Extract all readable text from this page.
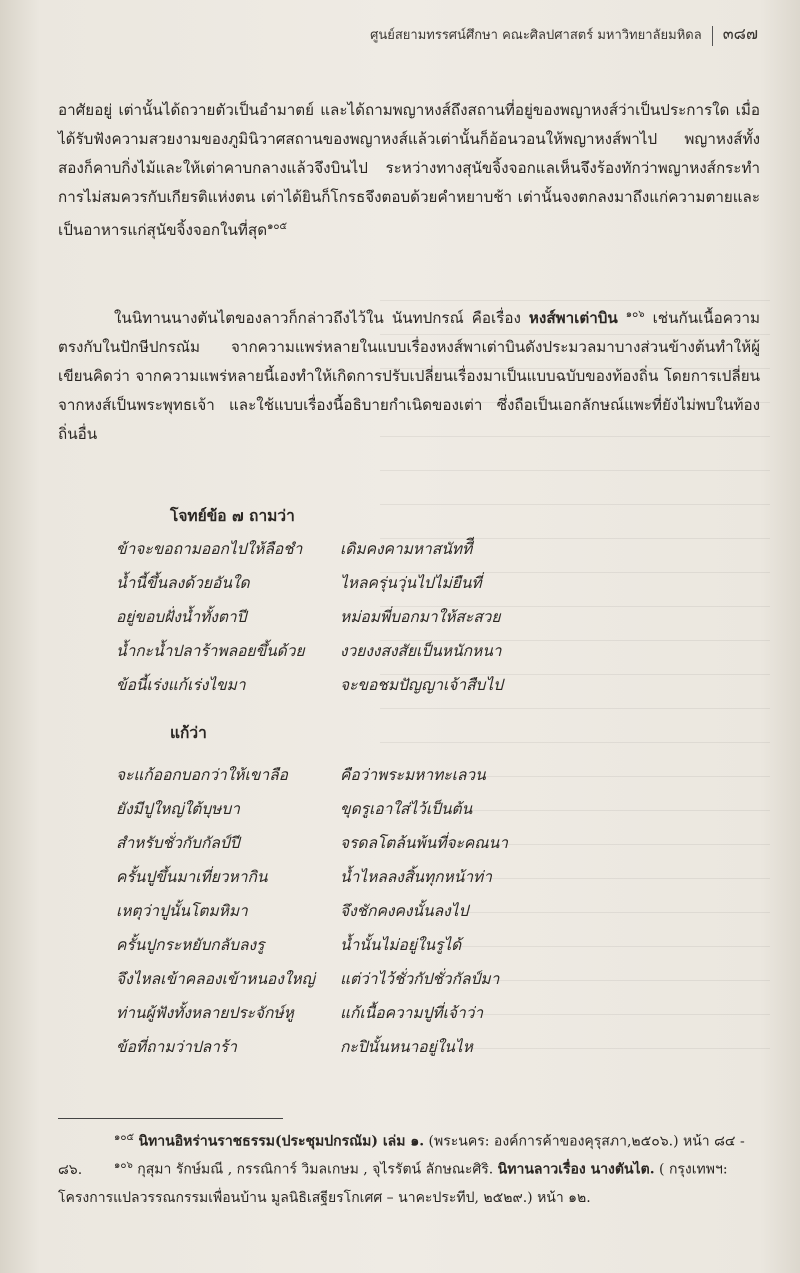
ศูนย์สยามทรรศน์ศึกษา คณะศิลปศาสตร์ มหาวิทยาลัยมหิดล ๓๘๗
อาศัยอยู่ เต่านั้นได้ถวายตัวเป็นอำมาตย์ และได้ถามพญาหงส์ถึงสถานที่อยู่ของพญาหงส์ว่าเป็นประการใด เมื่อได้รับฟังความสวยงามของภูมินิวาศสถานของพญาหงส์แล้วเต่านั้นก็อ้อนวอนให้พญาหงส์พาไป พญาหงส์ทั้งสองก็คาบกิ่งไม้และให้เต่าคาบกลางแล้วจึงบินไป ระหว่างทางสุนัขจิ้งจอกแลเห็นจึงร้องทักว่าพญาหงส์กระทำการไม่สมควรกับเกียรติแห่งตน เต่าได้ยินก็โกรธจึงตอบด้วยคำหยาบช้า เต่านั้นจงตกลงมาถึงแก่ความตายและเป็นอาหารแก่สุนัขจิ้งจอกในที่สุด$^{๑๐๕}$
ในนิทานนางตันไตของลาวก็กล่าวถึงไว้ใน นันทปกรณ์ คือเรื่อง หงส์พาเต่าบิน $^{๑๐๖}$ เช่นกันเนื้อความตรงกับในปักษีปกรณัม จากความแพร่หลายในแบบเรื่องหงส์พาเต่าบินดังประมวลมาบางส่วนข้างต้นทำให้ผู้เขียนคิดว่า จากความแพร่หลายนี้เองทำให้เกิดการปรับเปลี่ยนเรื่องมาเป็นแบบฉบับของท้องถิ่น โดยการเปลี่ยนจากหงส์เป็นพระพุทธเจ้า และใช้แบบเรื่องนี้อธิบายกำเนิดของเต่า ซึ่งถือเป็นเอกลักษณ์แพะที่ยังไม่พบในท้องถิ่นอื่น
โจทย์ข้อ ๗ ถามว่า
ข้าจะขอถามออกไปให้ลือชำ
น้ำนี้ขึ้นลงด้วยอันใด
อยู่ขอบฝั่งน้ำทั้งตาปี
น้ำกะน้ำปลาร้าพลอยขึ้นด้วย
ข้อนี้เร่งแก้เร่งไขมา
เดิมคงคามหาสนัททีี
ไหลครุ่นวุ่นไปไม่ยืนที่
หม่อมพี่บอกมาให้สะสวย
งวยงงสงสัยเป็นหนักหนา
จะขอชมปัญญาเจ้าสืบไป
แก้ว่า
จะแก้ออกบอกว่าให้เขาลือ
ยังมีปูใหญ่ใต้บุษบา
สำหรับชั่วกับกัลป์ปี
ครั้นปูขึ้นมาเที่ยวหากิน
เหตุว่าปูนั้นโตมหิมา
ครั้นปูกระหยับกลับลงรู
จึงไหลเข้าคลองเข้าหนองใหญ่
ท่านผู้ฟังทั้งหลายประจักษ์หู
ข้อที่ถามว่าปลาร้า
คือว่าพระมหาทะเลวน
ขุดรูเอาใส่ไว้เป็นต้น
จรดลโตล้นพ้นที่จะคณนา
น้ำไหลลงสิ้นทุกหน้าท่า
จึงชักคงคงนั้นลงไป
น้ำนั้นไม่อยู่ในรูได้
แต่ว่าไว้ชั่วกัปชั่วกัลป์มา
แก้เนื้อความปูที่เจ้าว่า
กะปินั้นหนาอยู่ในไห
$^{๑๐๕}$ นิทานอิหร่านราชธรรม(ประชุมปกรณัม) เล่ม ๑. (พระนคร: องค์การค้าของคุรุสภา,๒๕๐๖.) หน้า ๘๔ - ๘๖.	$^{๑๐๖}$ กุสุมา รักษ์มณี , กรรณิการ์ วิมลเกษม , จุไรรัตน์ ลักษณะศิริ. นิทานลาวเรื่อง นางตันไต. ( กรุงเทพฯ: โครงการแปลวรรณกรรมเพื่อนบ้าน มูลนิธิเสฐียรโกเศศ – นาคะประทีป, ๒๕๒๙.) หน้า ๑๒.
